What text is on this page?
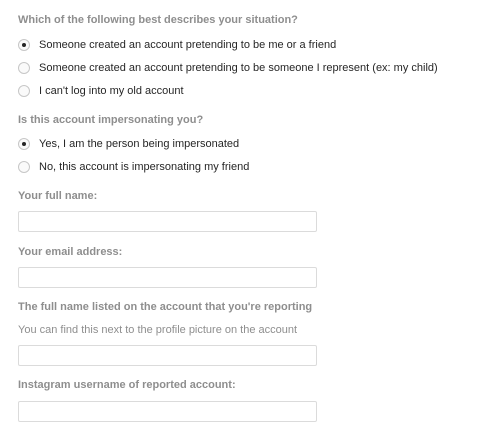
Which of the following best describes your situation?
Someone created an account pretending to be me or a friend
Someone created an account pretending to be someone I represent (ex: my child)
I can't log into my old account
Is this account impersonating you?
Yes, I am the person being impersonated
No, this account is impersonating my friend
Your full name:
Your email address:
The full name listed on the account that you're reporting
You can find this next to the profile picture on the account
Instagram username of reported account:
